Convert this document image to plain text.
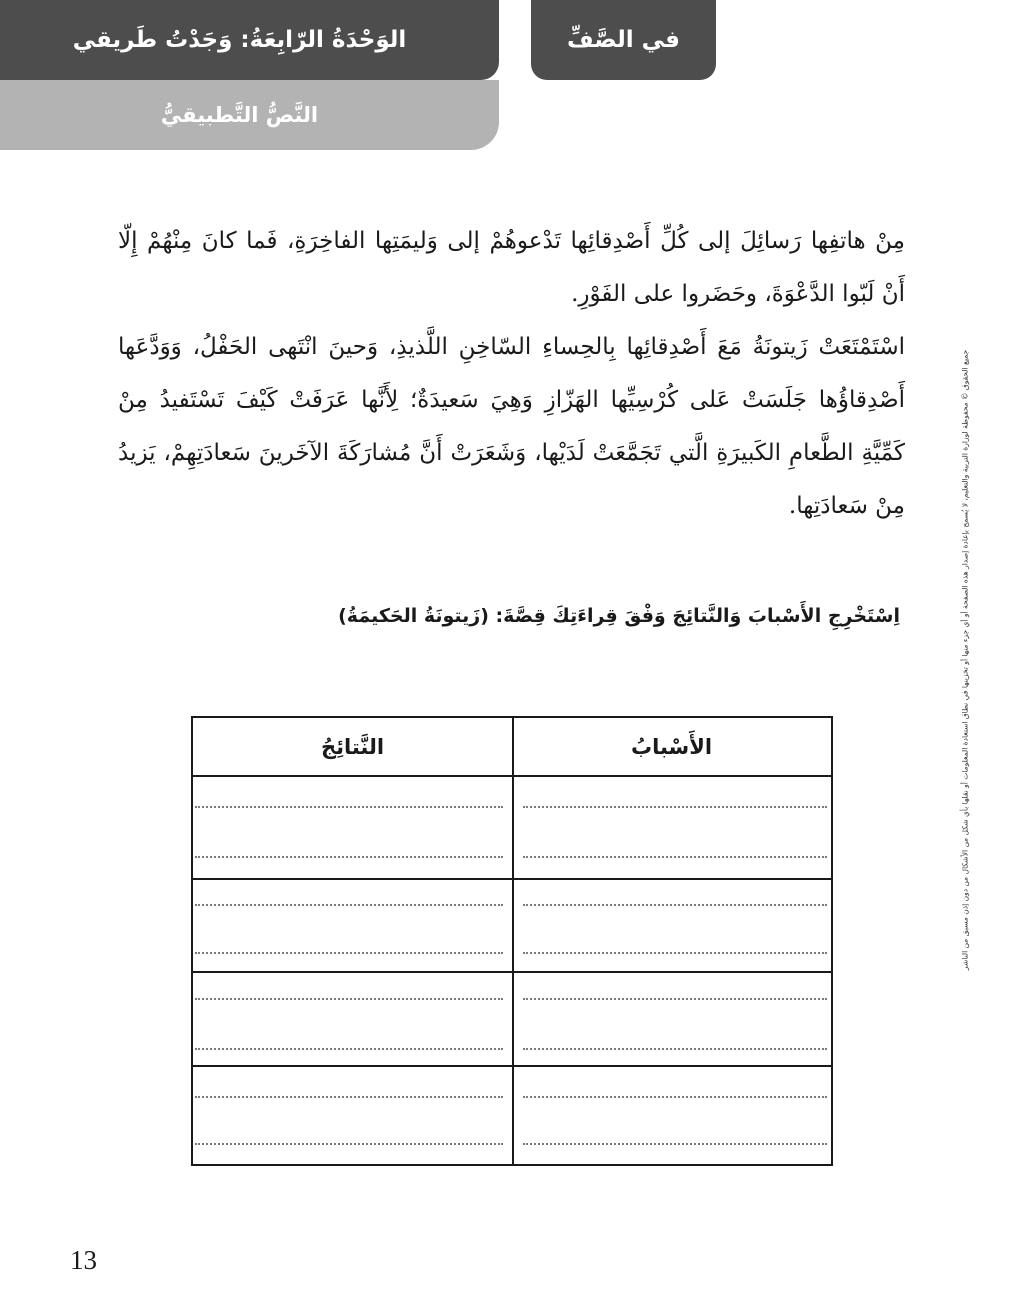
الوَحْدَةُ الرّابِعَةُ: وَجَدْتُ طَريقي	في الصَّفِّ
النَّصُّ التَّطبيقيُّ

مِنْ هاتفِها رَسائِلَ إلى كُلِّ أَصْدِقائِها تَدْعوهُمْ إلى وَليمَتِها الفاخِرَةِ، فَما كانَ مِنْهُمْ إِلّا أَنْ لَبّوا الدَّعْوَةَ، وحَضَروا على الفَوْرِ.

اسْتَمْتَعَتْ زَيتونَةُ مَعَ أَصْدِقائِها بِالحِساءِ السّاخِنِ اللَّذيذِ، وَحينَ انْتَهى الحَفْلُ، وَوَدَّعَها أَصْدِقاؤُها جَلَسَتْ عَلى كُرْسِيِّها الهَزّازِ وَهِيَ سَعيدَةٌ؛ لِأَنَّها عَرَفَتْ كَيْفَ تَسْتَفيدُ مِنْ كَمِّيَّةِ الطَّعامِ الكَبيرَةِ الَّتي تَجَمَّعَتْ لَدَيْها، وَشَعَرَتْ أَنَّ مُشارَكَةَ الآخَرينَ سَعادَتِهِمْ، يَزيدُ مِنْ سَعادَتِها.	جميع الحقوق © محفوظة لوزارة التربية والتعليم، لا يُسمح بإعادة إصدار هذه الصفحة أو أي جزء منها أو تخزينها في نطاق استعادة المعلومات أو نقلها بأي شكل من الأشكال من دون إذن مسبق من الناشر
اِسْتَخْرِجِ الأَسْبابَ وَالنَّتائِجَ وَفْقَ قِراءَتِكَ قِصَّةَ: (زَيتونَةُ الحَكيمَةُ)
الأَسْبابُ
النَّتائِجُ
13
